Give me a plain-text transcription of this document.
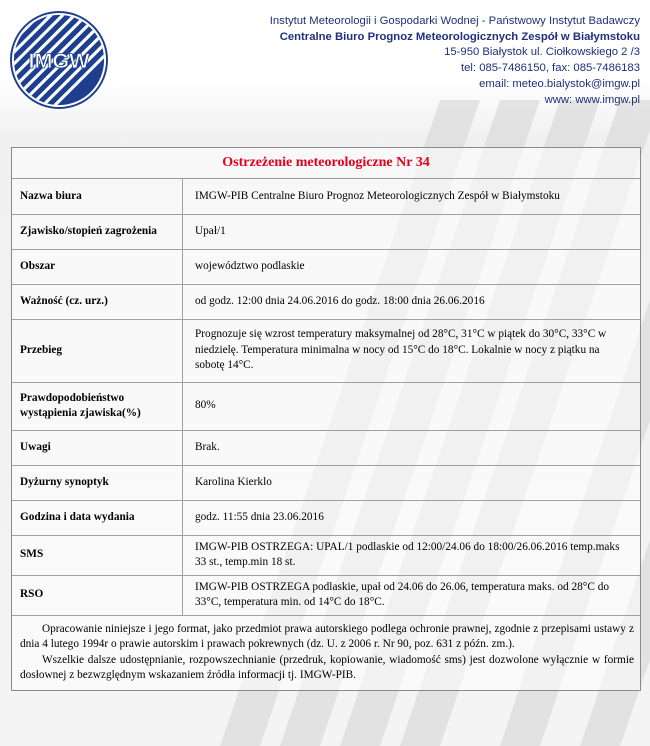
IMGW
Instytut Meteorologii i Gospodarki Wodnej - Państwowy Instytut Badawczy
Centralne Biuro Prognoz Meteorologicznych Zespół w Białymstoku
15-950 Białystok ul. Ciołkowskiego 2 /3
tel: 085-7486150, fax: 085-7486183
email: meteo.bialystok@imgw.pl
www: www.imgw.pl
Ostrzeżenie meteorologiczne Nr 34
Nazwa biura	IMGW-PIB Centralne Biuro Prognoz Meteorologicznych Zespół w Białymstoku
Zjawisko/stopień zagrożenia	Upał/1
Obszar	województwo podlaskie
Ważność (cz. urz.)	od godz. 12:00 dnia 24.06.2016 do godz. 18:00 dnia 26.06.2016
Przebieg	Prognozuje się wzrost temperatury maksymalnej od 28°C, 31°C w piątek do 30°C, 33°C w niedzielę. Temperatura minimalna w nocy od 15°C do 18°C. Lokalnie w nocy z piątku na sobotę 14°C.
Prawdopodobieństwo wystąpienia zjawiska(%)	80%
Uwagi	Brak.
Dyżurny synoptyk	Karolina Kierklo
Godzina i data wydania	godz. 11:55 dnia 23.06.2016
SMS	IMGW-PIB OSTRZEGA: UPAL/1 podlaskie od 12:00/24.06 do 18:00/26.06.2016 temp.maks 33 st., temp.min 18 st.
RSO	IMGW-PIB OSTRZEGA podlaskie, upał od 24.06 do 26.06, temperatura maks. od 28°C do 33°C, temperatura min. od 14°C do 18°C.

Opracowanie niniejsze i jego format, jako przedmiot prawa autorskiego podlega ochronie prawnej, zgodnie z przepisami ustawy z dnia 4 lutego 1994r o prawie autorskim i prawach pokrewnych (dz. U. z 2006 r. Nr 90, poz. 631 z późn. zm.).

Wszelkie dalsze udostępnianie, rozpowszechnianie (przedruk, kopiowanie, wiadomość sms) jest dozwolone wyłącznie w formie dosłownej z bezwzględnym wskazaniem źródła informacji tj. IMGW-PIB.
